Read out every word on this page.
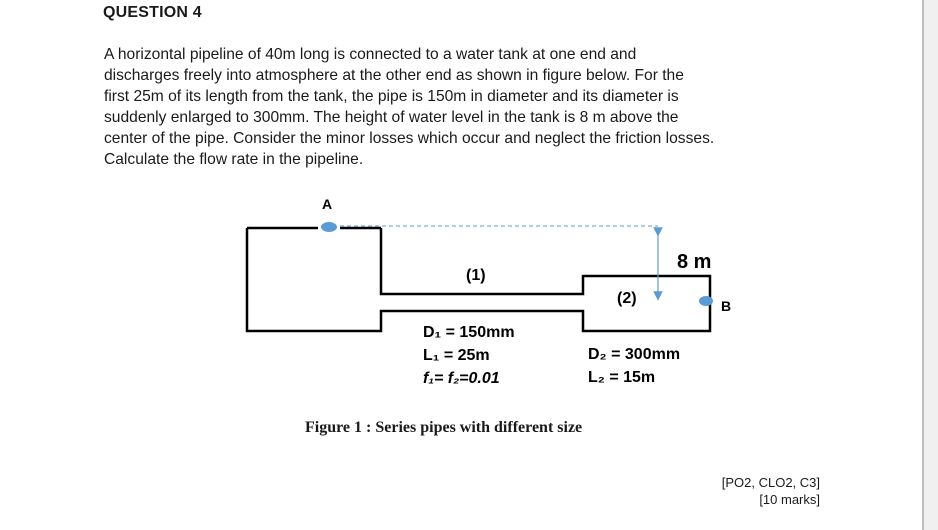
QUESTION 4
A horizontal pipeline of 40m long is connected to a water tank at one end and
discharges freely into atmosphere at the other end as shown in figure below. For the
first 25m of its length from the tank, the pipe is 150m in diameter and its diameter is
suddenly enlarged to 300mm. The height of water level in the tank is 8 m above the
center of the pipe. Consider the minor losses which occur and neglect the friction losses.
Calculate the flow rate in the pipeline.
A
B
(1)
(2)
8 m
D₁ = 150mm
L₁ = 25m
f₁= f₂=0.01
D₂ = 300mm
L₂ = 15m
Figure 1 : Series pipes with different size
[PO2, CLO2, C3]
[10 marks]
